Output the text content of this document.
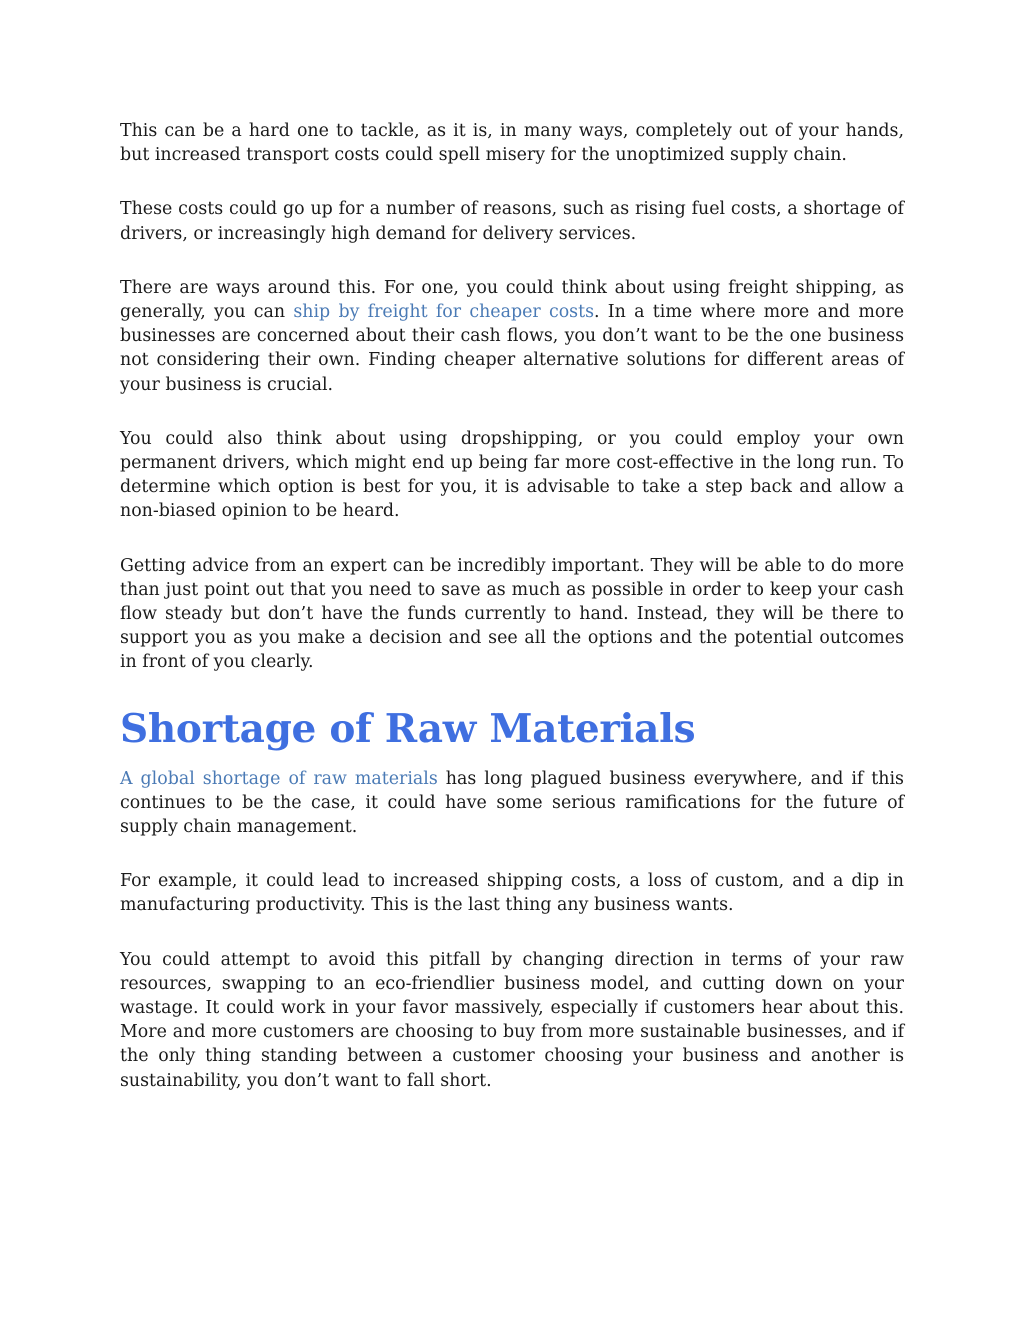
This can be a hard one to tackle, as it is, in many ways, completely out of your hands, but increased transport costs could spell misery for the unoptimized supply chain.

These costs could go up for a number of reasons, such as rising fuel costs, a shortage of drivers, or increasingly high demand for delivery services.

There are ways around this. For one, you could think about using freight shipping, as generally, you can ship by freight for cheaper costs. In a time where more and more businesses are concerned about their cash flows, you don’t want to be the one business not considering their own. Finding cheaper alternative solutions for different areas of your business is crucial.

You could also think about using dropshipping, or you could employ your own permanent drivers, which might end up being far more cost-effective in the long run. To determine which option is best for you, it is advisable to take a step back and allow a non-biased opinion to be heard.

Getting advice from an expert can be incredibly important. They will be able to do more than just point out that you need to save as much as possible in order to keep your cash flow steady but don’t have the funds currently to hand. Instead, they will be there to support you as you make a decision and see all the options and the potential outcomes in front of you clearly.

Shortage of Raw Materials

A global shortage of raw materials has long plagued business everywhere, and if this continues to be the case, it could have some serious ramifications for the future of supply chain management.

For example, it could lead to increased shipping costs, a loss of custom, and a dip in manufacturing productivity. This is the last thing any business wants.

You could attempt to avoid this pitfall by changing direction in terms of your raw resources, swapping to an eco-friendlier business model, and cutting down on your wastage. It could work in your favor massively, especially if customers hear about this. More and more customers are choosing to buy from more sustainable businesses, and if the only thing standing between a customer choosing your business and another is sustainability, you don’t want to fall short.
